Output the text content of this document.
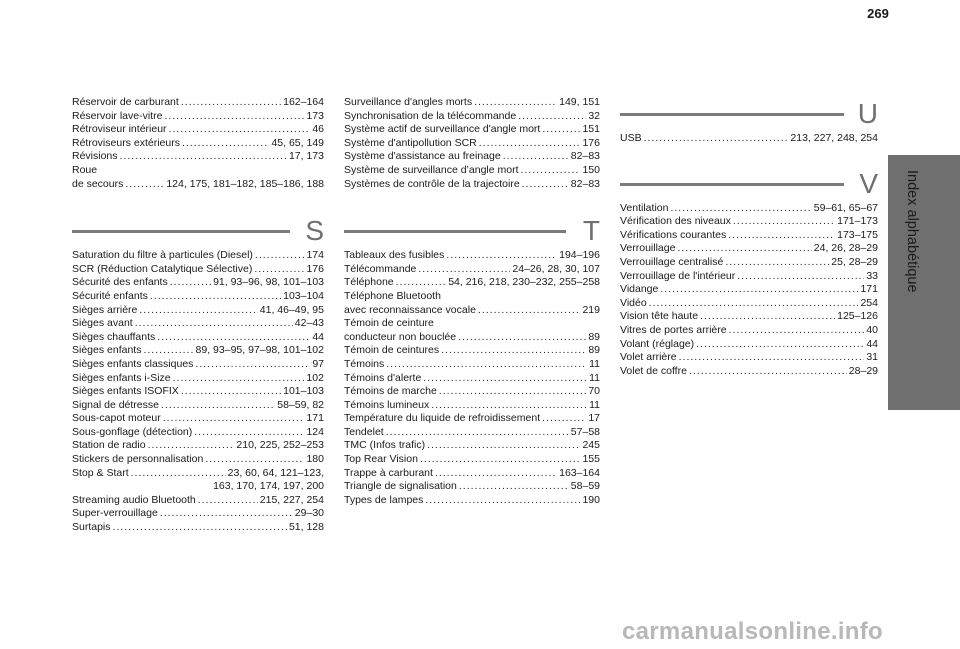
269
Index alphabétique
Réservoir de carburant .....	162–164
Réservoir lave-vitre .....	173
Rétroviseur intérieur .....	46
Rétroviseurs extérieurs .....	45, 65, 149
Révisions .....	17, 173
Roue
de secours .....	124, 175, 181–182, 185–186, 188
S
Saturation du filtre à particules (Diesel) .....	174
SCR (Réduction Catalytique Sélective) .....	176
Sécurité des enfants .....	91, 93–96, 98, 101–103
Sécurité enfants .....	103–104
Sièges arrière .....	41, 46–49, 95
Sièges avant .....	42–43
Sièges chauffants .....	44
Sièges enfants .....	89, 93–95, 97–98, 101–102
Sièges enfants classiques .....	97
Sièges enfants i-Size .....	102
Sièges enfants ISOFIX .....	101–103
Signal de détresse .....	58–59, 82
Sous-capot moteur .....	171
Sous-gonflage (détection) .....	124
Station de radio .....	210, 225, 252–253
Stickers de personnalisation .....	180
Stop & Start .....	23, 60, 64, 121–123,
163, 170, 174, 197, 200
Streaming audio Bluetooth .....	215, 227, 254
Super-verrouillage .....	29–30
Surtapis .....	51, 128
Surveillance d'angles morts .....	149, 151
Synchronisation de la télécommande .....	32
Système actif de surveillance d'angle mort .....	151
Système d'antipollution SCR .....	176
Système d'assistance au freinage .....	82–83
Système de surveillance d’angle mort .....	150
Systèmes de contrôle de la trajectoire .....	82–83
T
Tableaux des fusibles .....	194–196
Télécommande .....	24–26, 28, 30, 107
Téléphone .....	54, 216, 218, 230–232, 255–258
Téléphone Bluetooth
avec reconnaissance vocale .....	219
Témoin de ceinture
conducteur non bouclée .....	89
Témoin de ceintures .....	89
Témoins .....	11
Témoins d'alerte .....	11
Témoins de marche .....	70
Témoins lumineux .....	11
Température du liquide de refroidissement .....	17
Tendelet .....	57–58
TMC (Infos trafic) .....	245
Top Rear Vision .....	155
Trappe à carburant .....	163–164
Triangle de signalisation .....	58–59
Types de lampes .....	190
U
USB .....	213, 227, 248, 254
V
Ventilation .....	59–61, 65–67
Vérification des niveaux .....	171–173
Vérifications courantes .....	173–175
Verrouillage .....	24, 26, 28–29
Verrouillage centralisé .....	25, 28–29
Verrouillage de l'intérieur .....	33
Vidange .....	171
Vidéo .....	254
Vision tête haute .....	125–126
Vitres de portes arrière .....	40
Volant (réglage) .....	44
Volet arrière .....	31
Volet de coffre .....	28–29
carmanualsonline.info
